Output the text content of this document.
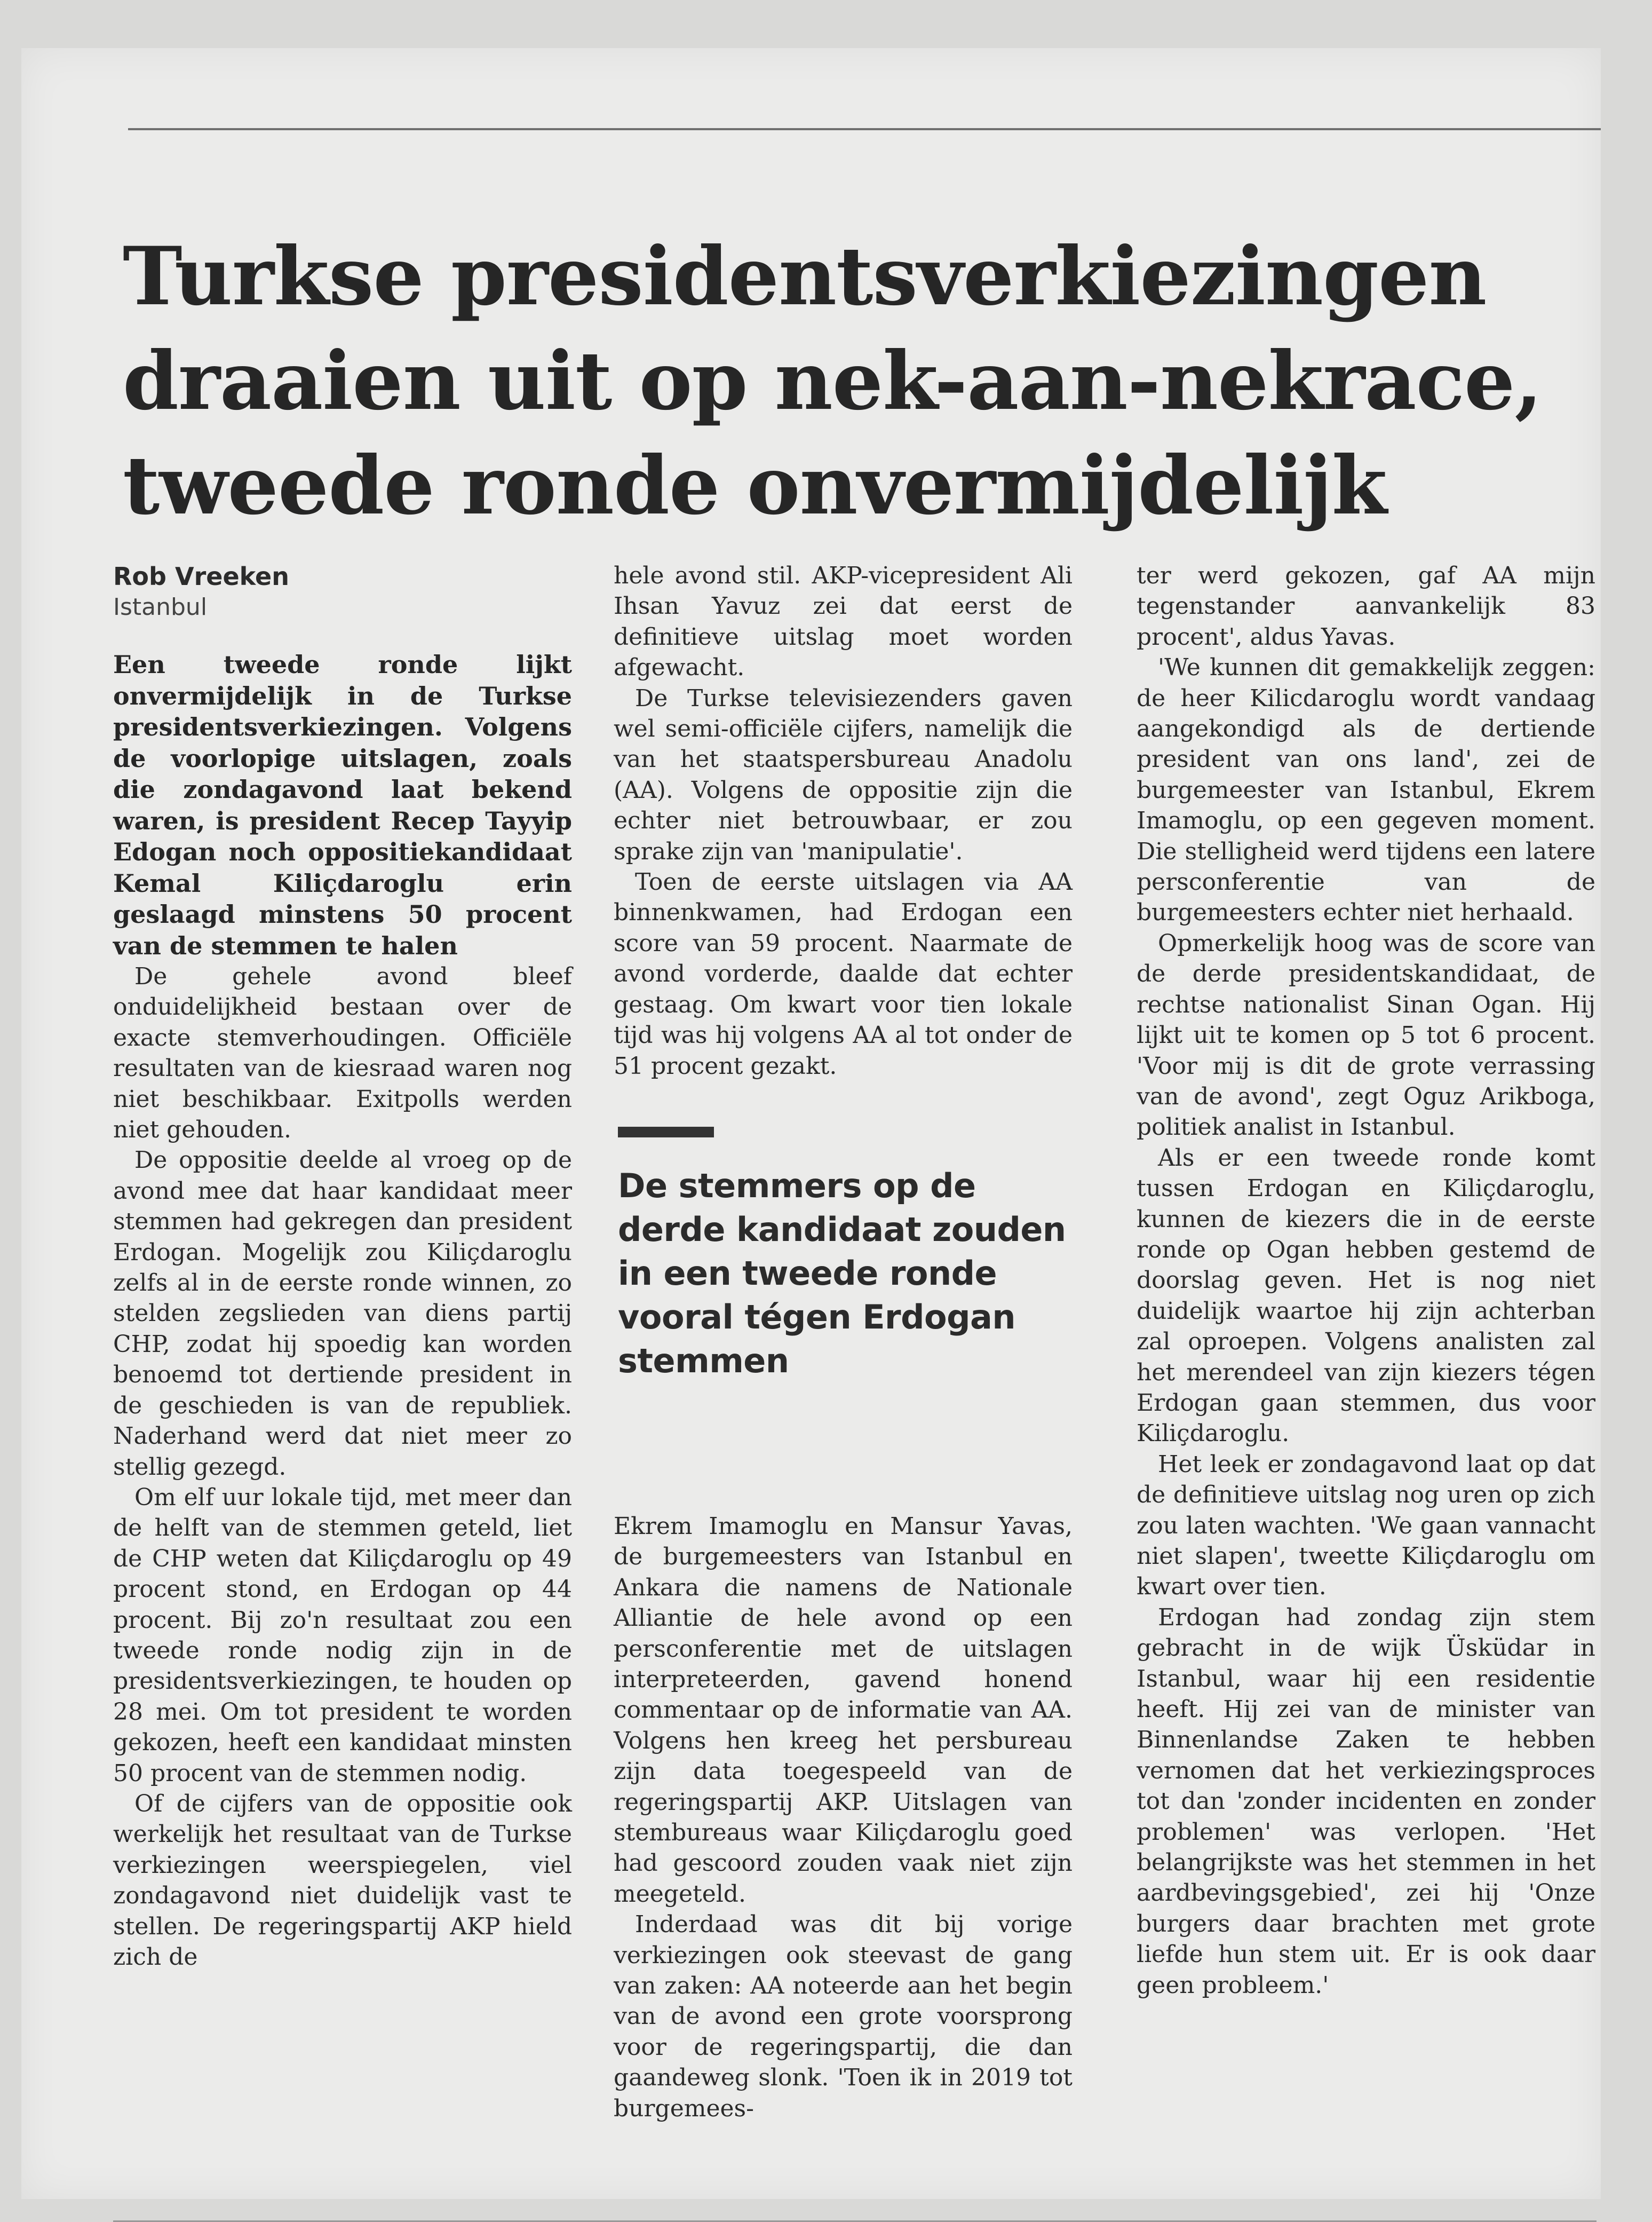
Turkse presidentsverkiezingen
draaien uit op nek-aan-nekrace,
tweede ronde onvermijdelijk
Rob Vreeken
Istanbul

Een tweede ronde lijkt onvermijdelijk in de Turkse presidentsverkiezingen. Volgens de voorlopige uitslagen, zoals die zondagavond laat bekend waren, is president Recep Tayyip Edogan noch oppositiekandidaat Kemal Kiliçdaroglu erin geslaagd minstens 50 procent van de stemmen te halen

De gehele avond bleef onduidelijkheid bestaan over de exacte stemverhoudingen. Officiële resultaten van de kiesraad waren nog niet beschikbaar. Exitpolls werden niet gehouden.

De oppositie deelde al vroeg op de avond mee dat haar kandidaat meer stemmen had gekregen dan president Erdogan. Mogelijk zou Kiliçdaroglu zelfs al in de eerste ronde winnen, zo stelden zegslieden van diens partij CHP, zodat hij spoedig kan worden benoemd tot dertiende president in de geschieden is van de republiek. Naderhand werd dat niet meer zo stellig gezegd.

Om elf uur lokale tijd, met meer dan de helft van de stemmen geteld, liet de CHP weten dat Kiliçdaroglu op 49 procent stond, en Erdogan op 44 procent. Bij zo'n resultaat zou een tweede ronde nodig zijn in de presidentsverkiezingen, te houden op 28 mei. Om tot president te worden gekozen, heeft een kandidaat minsten 50 procent van de stemmen nodig.

Of de cijfers van de oppositie ook werkelijk het resultaat van de Turkse verkiezingen weerspiegelen, viel zondagavond niet duidelijk vast te stellen. De regeringspartij AKP hield zich de

hele avond stil. AKP-vicepresident Ali Ihsan Yavuz zei dat eerst de definitieve uitslag moet worden afgewacht.

De Turkse televisiezenders gaven wel semi-officiële cijfers, namelijk die van het staatspersbureau Anadolu (AA). Volgens de oppositie zijn die echter niet betrouwbaar, er zou sprake zijn van 'manipulatie'.

Toen de eerste uitslagen via AA binnenkwamen, had Erdogan een score van 59 procent. Naarmate de avond vorderde, daalde dat echter gestaag. Om kwart voor tien lokale tijd was hij volgens AA al tot onder de 51 procent gezakt.

De stemmers op de derde kandidaat zouden in een tweede ronde vooral tégen Erdogan stemmen

Ekrem Imamoglu en Mansur Yavas, de burgemeesters van Istanbul en Ankara die namens de Nationale Alliantie de hele avond op een persconferentie met de uitslagen interpreteerden, gavend honend commentaar op de informatie van AA. Volgens hen kreeg het persbureau zijn data toegespeeld van de regeringspartij AKP. Uitslagen van stembureaus waar Kiliçdaroglu goed had gescoord zouden vaak niet zijn meegeteld.

Inderdaad was dit bij vorige verkiezingen ook steevast de gang van zaken: AA noteerde aan het begin van de avond een grote voorsprong voor de regeringspartij, die dan gaandeweg slonk. 'Toen ik in 2019 tot burgemees-

ter werd gekozen, gaf AA mijn tegenstander aanvankelijk 83 procent', aldus Yavas.

'We kunnen dit gemakkelijk zeggen: de heer Kilicdaroglu wordt vandaag aangekondigd als de dertiende president van ons land', zei de burgemeester van Istanbul, Ekrem Imamoglu, op een gegeven moment. Die stelligheid werd tijdens een latere persconferentie van de burgemeesters echter niet herhaald.

Opmerkelijk hoog was de score van de derde presidentskandidaat, de rechtse nationalist Sinan Ogan. Hij lijkt uit te komen op 5 tot 6 procent. 'Voor mij is dit de grote verrassing van de avond', zegt Oguz Arikboga, politiek analist in Istanbul.

Als er een tweede ronde komt tussen Erdogan en Kiliçdaroglu, kunnen de kiezers die in de eerste ronde op Ogan hebben gestemd de doorslag geven. Het is nog niet duidelijk waartoe hij zijn achterban zal oproepen. Volgens analisten zal het merendeel van zijn kiezers tégen Erdogan gaan stemmen, dus voor Kiliçdaroglu.

Het leek er zondagavond laat op dat de definitieve uitslag nog uren op zich zou laten wachten. 'We gaan vannacht niet slapen', tweette Kiliçdaroglu om kwart over tien.

Erdogan had zondag zijn stem gebracht in de wijk Üsküdar in Istanbul, waar hij een residentie heeft. Hij zei van de minister van Binnenlandse Zaken te hebben vernomen dat het verkiezingsproces tot dan 'zonder incidenten en zonder problemen' was verlopen. 'Het belangrijkste was het stemmen in het aardbevingsgebied', zei hij 'Onze burgers daar brachten met grote liefde hun stem uit. Er is ook daar geen probleem.'
